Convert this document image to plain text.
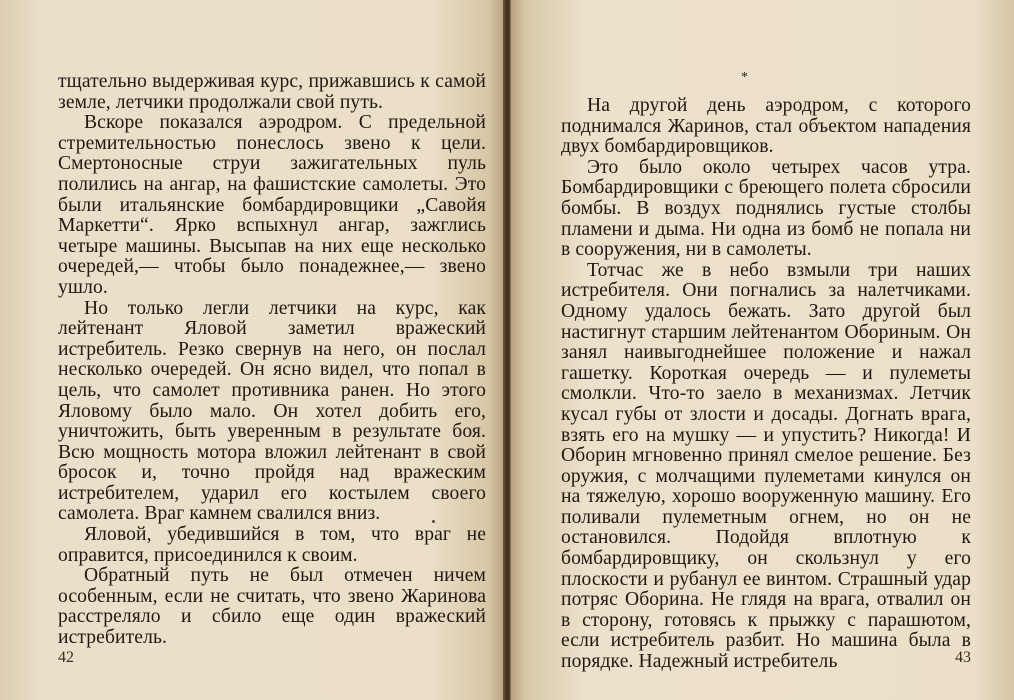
тщательно выдерживая курс, прижавшись к самой земле, летчики продолжали свой путь.

Вскоре показался аэродром. С предельной стремительностью понеслось звено к цели. Смертоносные струи зажигательных пуль полились на ангар, на фашистские самолеты. Это были итальянские бомбардировщики „Савойя Маркетти“. Ярко вспыхнул ангар, зажглись четыре машины. Высыпав на них еще несколько очередей,— чтобы было понадежнее,— звено ушло.

Но только легли летчики на курс, как лейтенант Яловой заметил вражеский истребитель. Резко свернув на него, он послал несколько очередей. Он ясно видел, что попал в цель, что самолет противника ранен. Но этого Яловому было мало. Он хотел добить его, уничтожить, быть уверенным в результате боя. Всю мощность мотора вложил лейтенант в свой бросок и, точно пройдя над вражеским истребителем, ударил его костылем своего самолета. Враг камнем свалился вниз.

Яловой, убедившийся в том, что враг не оправится, присоединился к своим.

Обратный путь не был отмечен ничем особенным, если не считать, что звено Жаринова расстреляло и сбило еще один вражеский истребитель.

42
*

На другой день аэродром, с которого поднимался Жаринов, стал объектом нападения двух бомбардировщиков.

Это было около четырех часов утра. Бомбардировщики с бреющего полета сбросили бомбы. В воздух поднялись густые столбы пламени и дыма. Ни одна из бомб не попала ни в сооружения, ни в самолеты.

Тотчас же в небо взмыли три наших истребителя. Они погнались за налетчиками. Одному удалось бежать. Зато другой был настигнут старшим лейтенантом Обориным. Он занял наивыгоднейшее положение и нажал гашетку. Короткая очередь — и пулеметы смолкли. Что-то заело в механизмах. Летчик кусал губы от злости и досады. Догнать врага, взять его на мушку — и упустить? Никогда! И Оборин мгновенно принял смелое решение. Без оружия, с молчащими пулеметами кинулся он на тяжелую, хорошо вооруженную машину. Его поливали пулеметным огнем, но он не остановился. Подойдя вплотную к бомбардировщику, он скользнул у его плоскости и рубанул ее винтом. Страшный удар потряс Оборина. Не глядя на врага, отвалил он в сторону, готовясь к прыжку с парашютом, если истребитель разбит. Но машина была в порядке. Надежный истребитель	43
